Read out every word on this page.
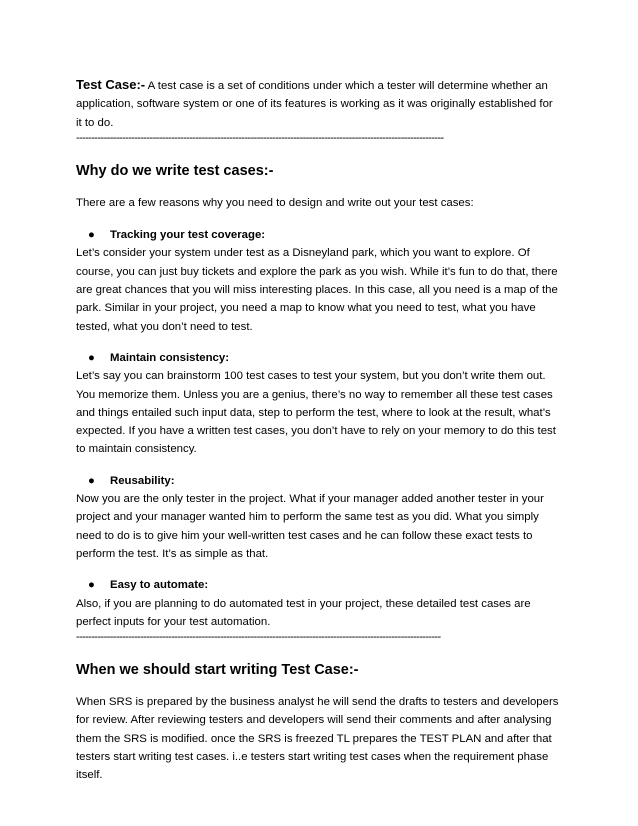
Test Case:- A test case is a set of conditions under which a tester will determine whether an application, software system or one of its features is working as it was originally established for it to do.

------------------------------------------------------------------------------------------------------------------------
Why do we write test cases:-

There are a few reasons why you need to design and write out your test cases:

● Tracking your test coverage:

Let’s consider your system under test as a Disneyland park, which you want to explore. Of course, you can just buy tickets and explore the park as you wish. While it’s fun to do that, there are great chances that you will miss interesting places. In this case, all you need is a map of the park. Similar in your project, you need a map to know what you need to test, what you have tested, what you don’t need to test.

● Maintain consistency:

Let’s say you can brainstorm 100 test cases to test your system, but you don’t write them out. You memorize them. Unless you are a genius, there’s no way to remember all these test cases and things entailed such input data, step to perform the test, where to look at the result, what’s expected. If you have a written test cases, you don’t have to rely on your memory to do this test to maintain consistency.

● Reusability:

Now you are the only tester in the project. What if your manager added another tester in your project and your manager wanted him to perform the same test as you did. What you simply need to do is to give him your well-written test cases and he can follow these exact tests to perform the test. It’s as simple as that.

● Easy to automate:

Also, if you are planning to do automated test in your project, these detailed test cases are perfect inputs for your test automation.

-----------------------------------------------------------------------------------------------------------------------
When we should start writing Test Case:-

When SRS is prepared by the business analyst he will send the drafts to testers and developers for review. After reviewing testers and developers will send their comments and after analysing them the SRS is modified. once the SRS is freezed TL prepares the TEST PLAN and after that testers start writing test cases. i..e testers start writing test cases when the requirement phase itself.
